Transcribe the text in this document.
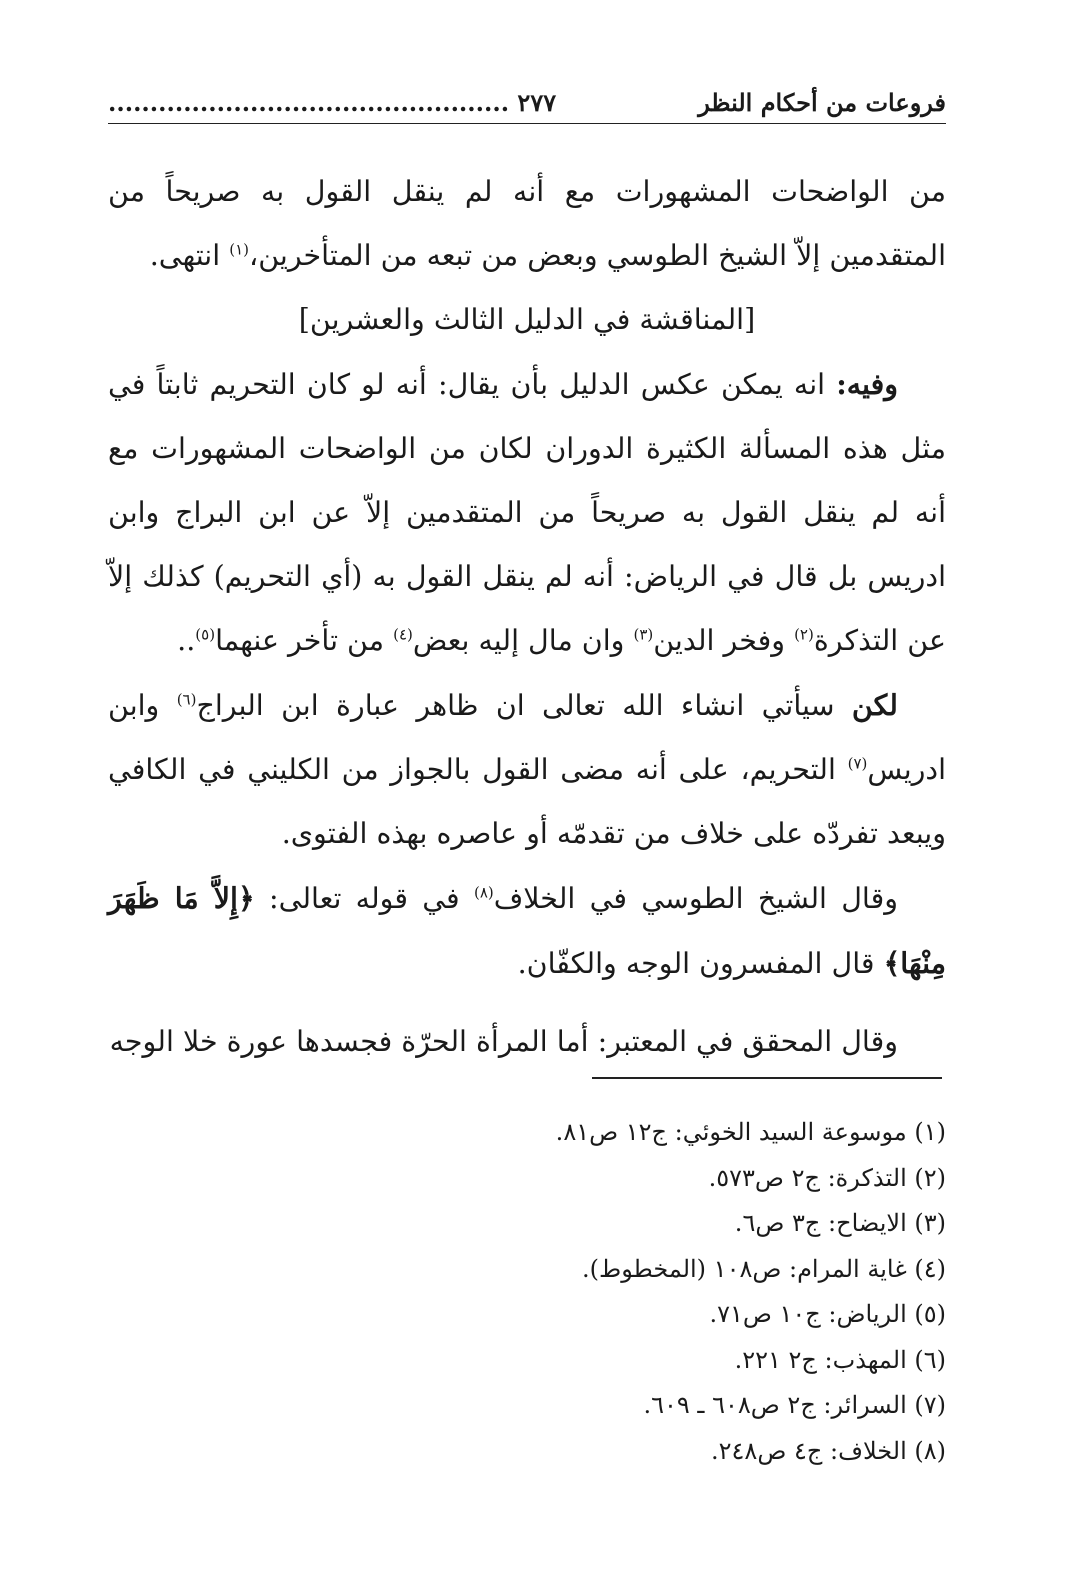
فروعات من أحكام النظر
٢٧٧ ................................................

من الواضحات المشهورات مع أنه لم ينقل القول به صريحاً من المتقدمين إلاّ الشيخ الطوسي وبعض من تبعه من المتأخرين،$^{(١)}$ انتهى.

[المناقشة في الدليل الثالث والعشرين]

وفيه: انه يمكن عكس الدليل بأن يقال: أنه لو كان التحريم ثابتاً في مثل هذه المسألة الكثيرة الدوران لكان من الواضحات المشهورات مع أنه لم ينقل القول به صريحاً من المتقدمين إلاّ عن ابن البراج وابن ادريس بل قال في الرياض: أنه لم ينقل القول به (أي التحريم) كذلك إلاّ عن التذكرة$^{(٢)}$ وفخر الدين$^{(٣)}$ وان مال إليه بعض$^{(٤)}$ من تأخر عنهما$^{(٥)}$..

لكن سيأتي انشاء الله تعالى ان ظاهر عبارة ابن البراج$^{(٦)}$ وابن ادريس$^{(٧)}$ التحريم، على أنه مضى القول بالجواز من الكليني في الكافي ويبعد تفردّه على خلاف من تقدمّه أو عاصره بهذه الفتوى.

وقال الشيخ الطوسي في الخلاف$^{(٨)}$ في قوله تعالى: ﴿إِلاَّ مَا ظَهَرَ مِنْهَا﴾ قال المفسرون الوجه والكفّان.

وقال المحقق في المعتبر: أما المرأة الحرّة فجسدها عورة خلا الوجه

(١) موسوعة السيد الخوئي: ج١٢ ص٨١.
(٢) التذكرة: ج٢ ص٥٧٣.
(٣) الايضاح: ج٣ ص٦.
(٤) غاية المرام: ص١٠٨ (المخطوط).
(٥) الرياض: ج١٠ ص٧١.
(٦) المهذب: ج٢ ٢٢١.
(٧) السرائر: ج٢ ص٦٠٨ ـ ٦٠٩.
(٨) الخلاف: ج٤ ص٢٤٨.
